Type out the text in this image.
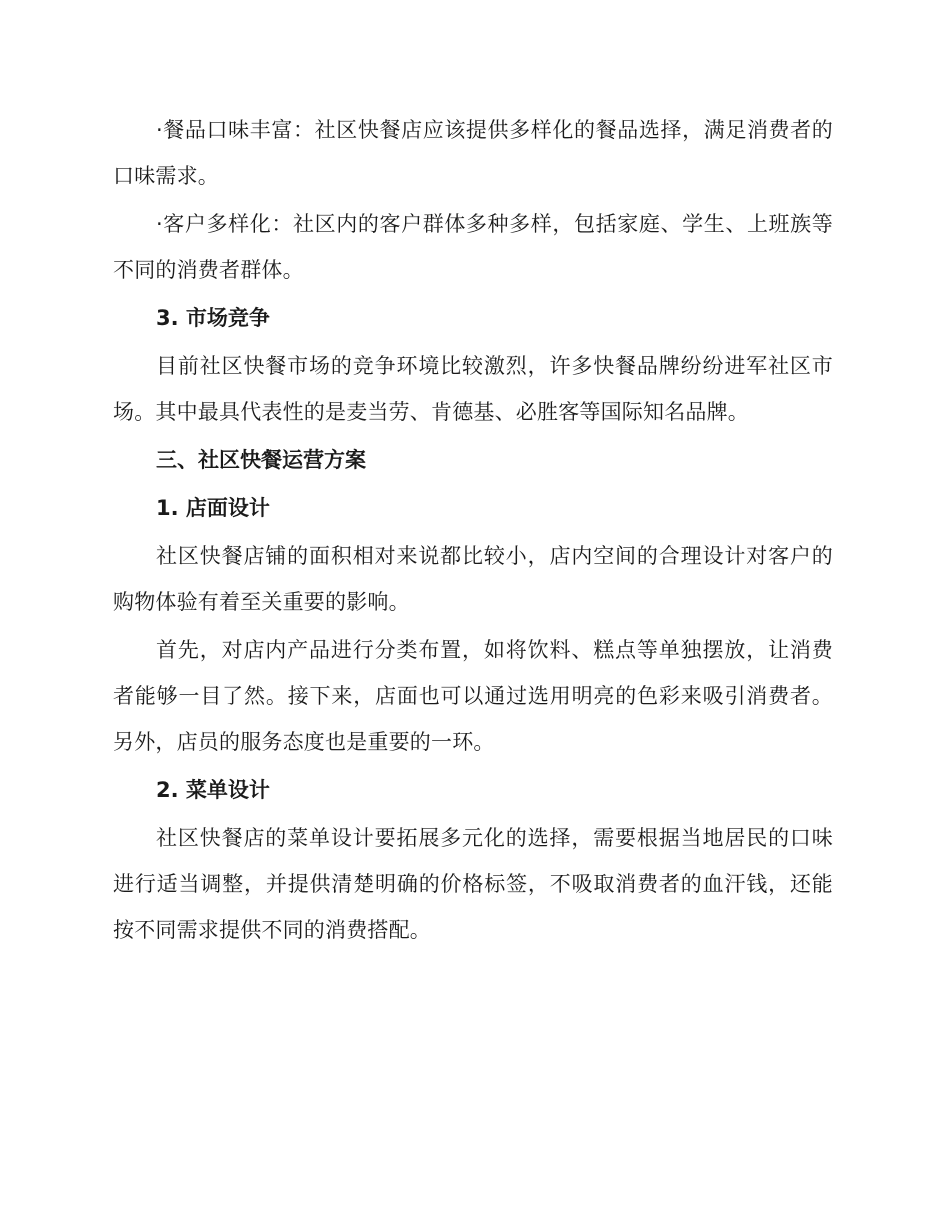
·餐品口味丰富：社区快餐店应该提供多样化的餐品选择，满足消费者的口味需求。

·客户多样化：社区内的客户群体多种多样，包括家庭、学生、上班族等不同的消费者群体。

3. 市场竞争

目前社区快餐市场的竞争环境比较激烈，许多快餐品牌纷纷进军社区市场。其中最具代表性的是麦当劳、肯德基、必胜客等国际知名品牌。

三、社区快餐运营方案

1. 店面设计

社区快餐店铺的面积相对来说都比较小，店内空间的合理设计对客户的购物体验有着至关重要的影响。

首先，对店内产品进行分类布置，如将饮料、糕点等单独摆放，让消费者能够一目了然。接下来，店面也可以通过选用明亮的色彩来吸引消费者。另外，店员的服务态度也是重要的一环。

2. 菜单设计

社区快餐店的菜单设计要拓展多元化的选择，需要根据当地居民的口味进行适当调整，并提供清楚明确的价格标签，不吸取消费者的血汗钱，还能按不同需求提供不同的消费搭配。
